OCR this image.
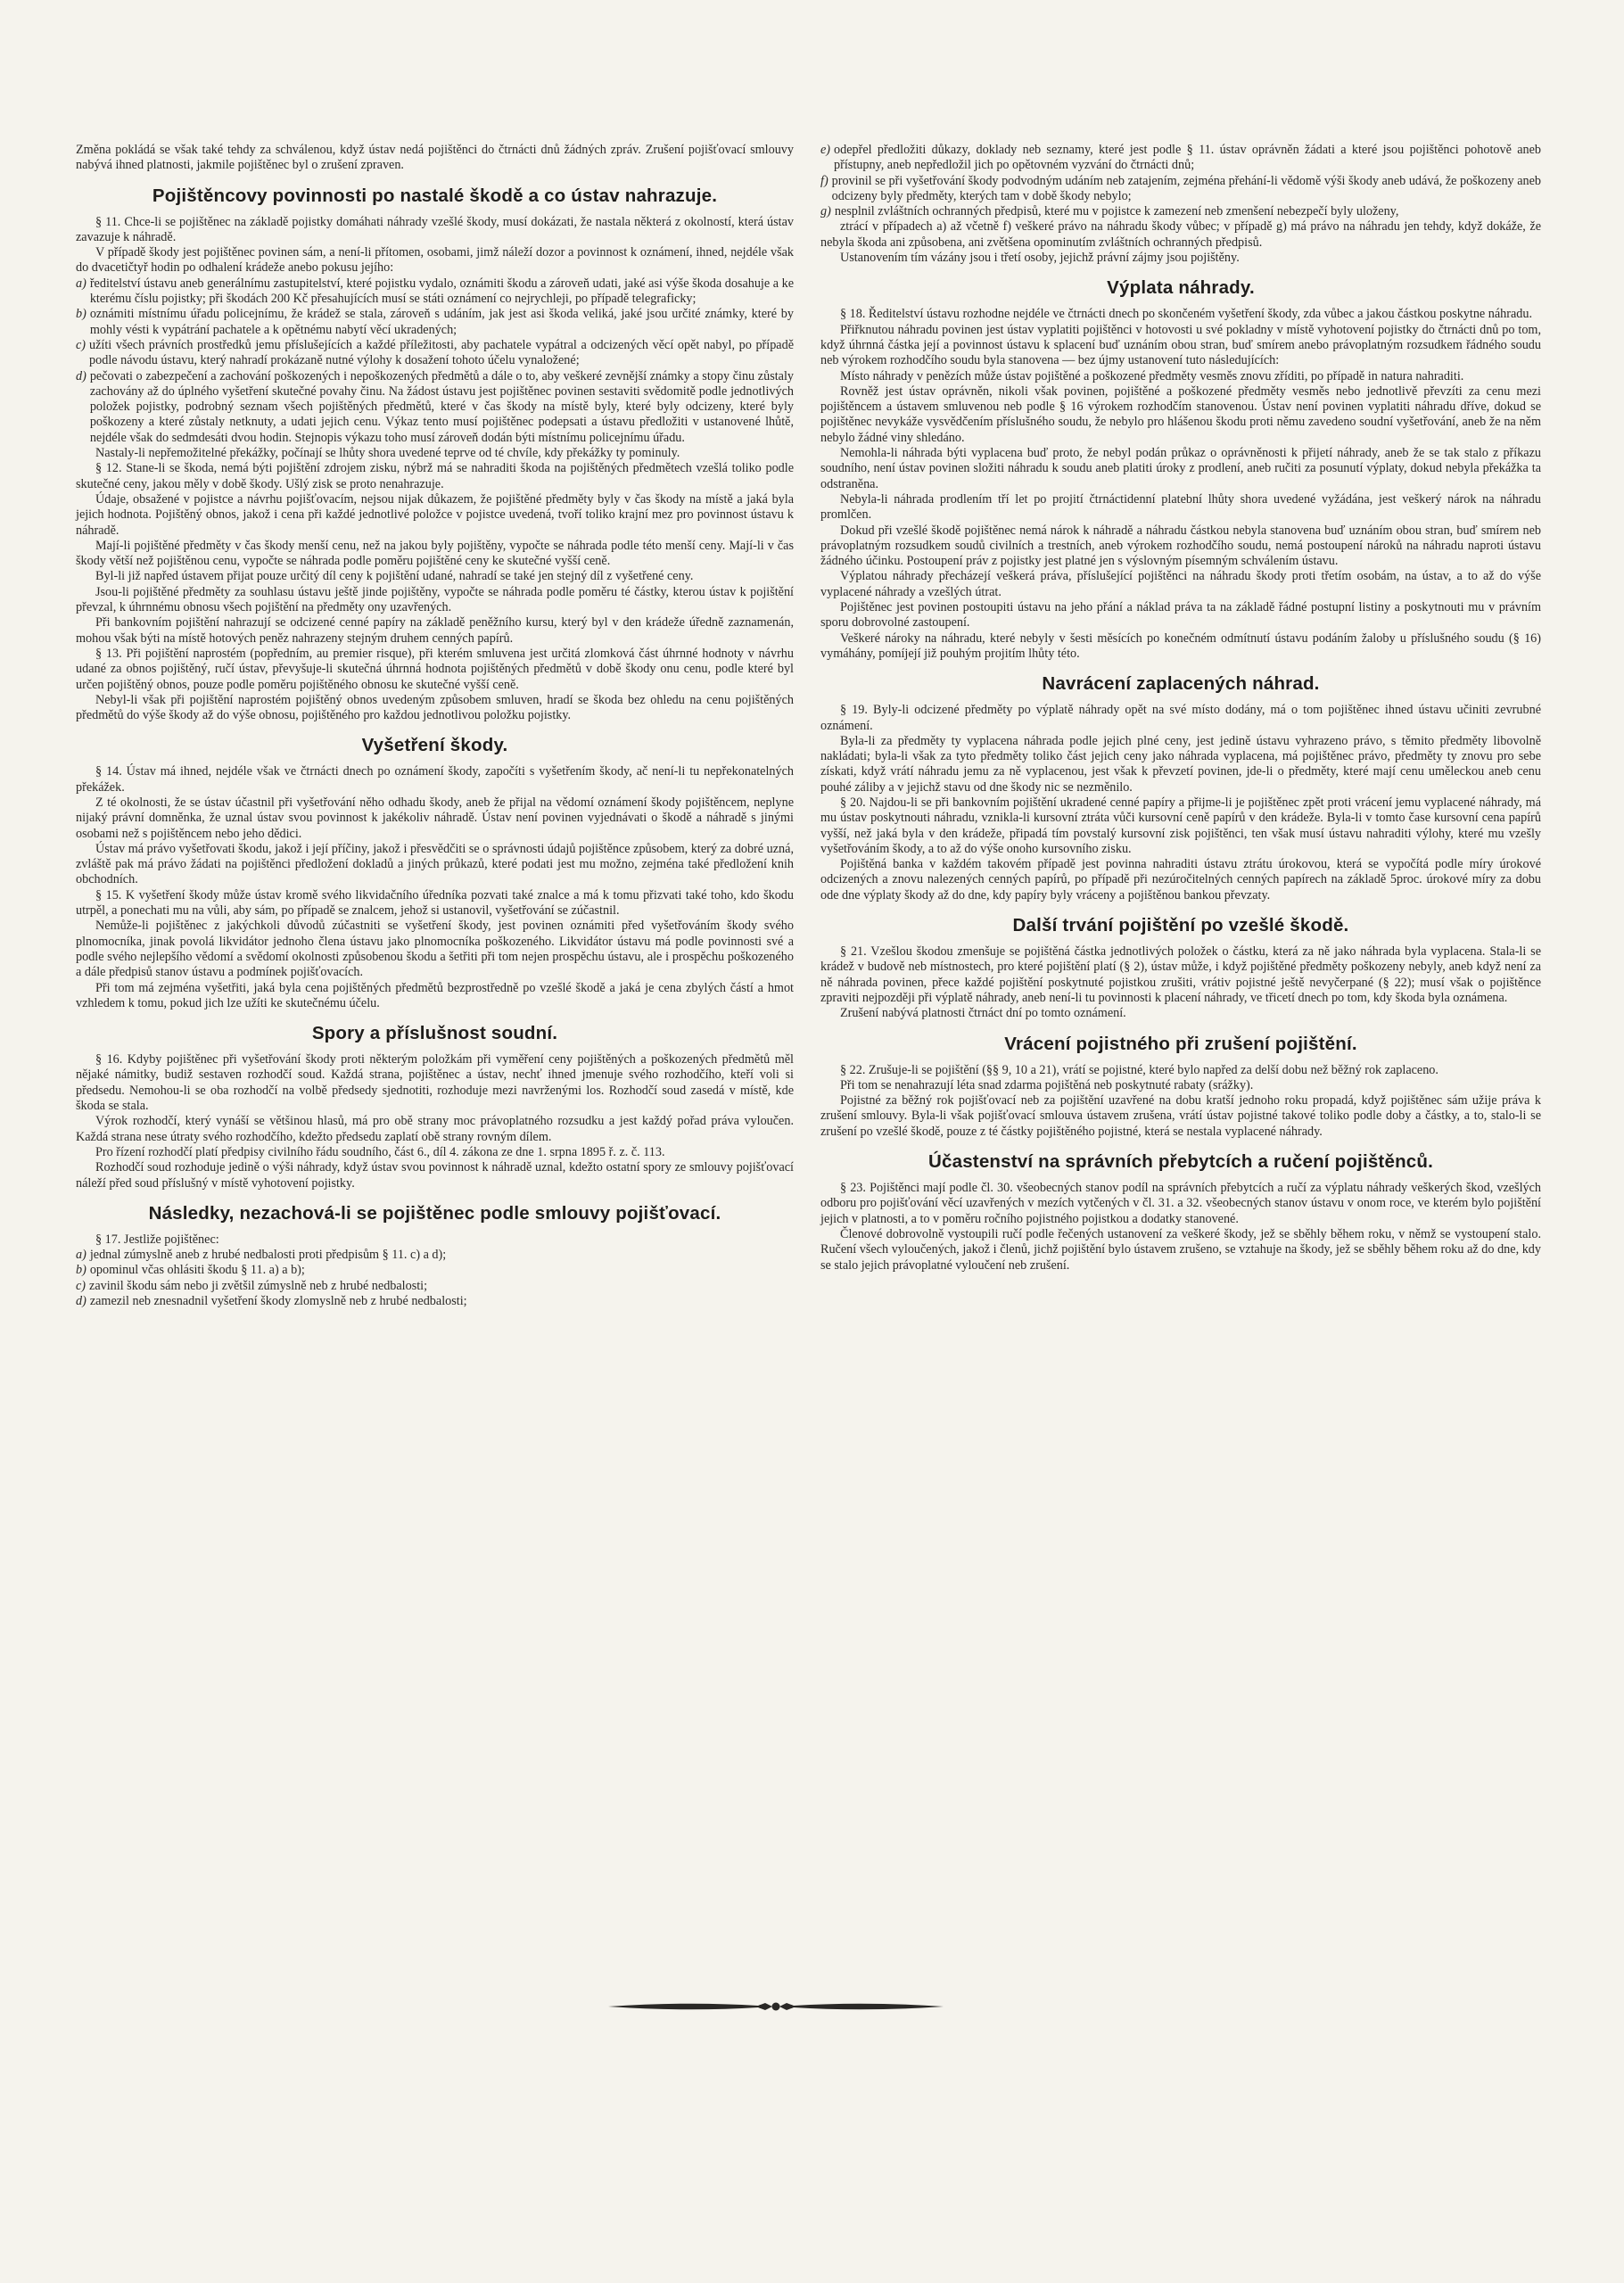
Změna pokládá se však také tehdy za schválenou, když ústav nedá pojištěnci do čtrnácti dnů žádných zpráv. Zrušení pojišťovací smlouvy nabývá ihned platnosti, jakmile pojištěnec byl o zrušení zpraven.

Pojištěncovy povinnosti po nastalé škodě a co ústav nahrazuje.

§ 11. Chce-li se pojištěnec na základě pojistky domáhati náhrady vzešlé škody, musí dokázati, že nastala některá z okolností, která ústav zavazuje k náhradě.

V případě škody jest pojištěnec povinen sám, a není-li přítomen, osobami, jimž náleží dozor a povinnost k oznámení, ihned, nejdéle však do dvacetičtyř hodin po odhalení krádeže anebo pokusu jejího:

a) ředitelství ústavu aneb generálnímu zastupitelství, které pojistku vydalo, oznámiti škodu a zároveň udati, jaké asi výše škoda dosahuje a ke kterému číslu pojistky; při škodách 200 Kč přesahujících musí se státi oznámení co nejrychleji, po případě telegraficky;
b) oznámiti místnímu úřadu policejnímu, že krádež se stala, zároveň s udáním, jak jest asi škoda veliká, jaké jsou určité známky, které by mohly vésti k vypátrání pachatele a k opětnému nabytí věcí ukradených;
c) užíti všech právních prostředků jemu příslušejících a každé příležitosti, aby pachatele vypátral a odcizených věcí opět nabyl, po případě podle návodu ústavu, který nahradí prokázaně nutné výlohy k dosažení tohoto účelu vynaložené;
d) pečovati o zabezpečení a zachování poškozených i nepoškozených předmětů a dále o to, aby veškeré zevnější známky a stopy činu zůstaly zachovány až do úplného vyšetření skutečné povahy činu. Na žádost ústavu jest pojištěnec povinen sestaviti svědomitě podle jednotlivých položek pojistky, podrobný seznam všech pojištěných předmětů, které v čas škody na místě byly, které byly odcizeny, které byly poškozeny a které zůstaly netknuty, a udati jejich cenu. Výkaz tento musí pojištěnec podepsati a ústavu předložiti v ustanovené lhůtě, nejdéle však do sedmdesáti dvou hodin. Stejnopis výkazu toho musí zároveň dodán býti místnímu policejnímu úřadu.

Nastaly-li nepřemožitelné překážky, počínají se lhůty shora uvedené teprve od té chvíle, kdy překážky ty pominuly.

§ 12. Stane-li se škoda, nemá býti pojištění zdrojem zisku, nýbrž má se nahraditi škoda na pojištěných předmětech vzešlá toliko podle skutečné ceny, jakou měly v době škody. Ušlý zisk se proto nenahrazuje.

Údaje, obsažené v pojistce a návrhu pojišťovacím, nejsou nijak důkazem, že pojištěné předměty byly v čas škody na místě a jaká byla jejich hodnota. Pojištěný obnos, jakož i cena při každé jednotlivé položce v pojistce uvedená, tvoří toliko krajní mez pro povinnost ústavu k náhradě.

Mají-li pojištěné předměty v čas škody menší cenu, než na jakou byly pojištěny, vypočte se náhrada podle této menší ceny. Mají-li v čas škody větší než pojištěnou cenu, vypočte se náhrada podle poměru pojištěné ceny ke skutečné vyšší ceně.

Byl-li již napřed ústavem přijat pouze určitý díl ceny k pojištění udané, nahradí se také jen stejný díl z vyšetřené ceny.

Jsou-li pojištěné předměty za souhlasu ústavu ještě jinde pojištěny, vypočte se náhrada podle poměru té částky, kterou ústav k pojištění převzal, k úhrnnému obnosu všech pojištění na předměty ony uzavřených.

Při bankovním pojištění nahrazují se odcizené cenné papíry na základě peněžního kursu, který byl v den krádeže úředně zaznamenán, mohou však býti na místě hotových peněz nahrazeny stejným druhem cenných papírů.

§ 13. Při pojištění naprostém (popředním, au premier risque), při kterém smluvena jest určitá zlomková část úhrnné hodnoty v návrhu udané za obnos pojištěný, ručí ústav, převyšuje-li skutečná úhrnná hodnota pojištěných předmětů v době škody onu cenu, podle které byl určen pojištěný obnos, pouze podle poměru pojištěného obnosu ke skutečné vyšší ceně.

Nebyl-li však při pojištění naprostém pojištěný obnos uvedeným způsobem smluven, hradí se škoda bez ohledu na cenu pojištěných předmětů do výše škody až do výše obnosu, pojištěného pro každou jednotlivou položku pojistky.

Vyšetření škody.

§ 14. Ústav má ihned, nejdéle však ve čtrnácti dnech po oznámení škody, započíti s vyšetřením škody, ač není-li tu nepřekonatelných překážek.

Z té okolnosti, že se ústav účastnil při vyšetřování něho odhadu škody, aneb že přijal na vědomí oznámení škody pojištěncem, neplyne nijaký právní domněnka, že uznal ústav svou povinnost k jakékoliv náhradě. Ústav není povinen vyjednávati o škodě a náhradě s jinými osobami než s pojištěncem nebo jeho dědici.

Ústav má právo vyšetřovati škodu, jakož i její příčiny, jakož i přesvědčiti se o správnosti údajů pojištěnce způsobem, který za dobré uzná, zvláště pak má právo žádati na pojištěnci předložení dokladů a jiných průkazů, které podati jest mu možno, zejména také předložení knih obchodních.

§ 15. K vyšetření škody může ústav kromě svého likvidačního úředníka pozvati také znalce a má k tomu přizvati také toho, kdo škodu utrpěl, a ponechati mu na vůli, aby sám, po případě se znalcem, jehož si ustanovil, vyšetřování se zúčastnil.

Nemůže-li pojištěnec z jakýchkoli důvodů zúčastniti se vyšetření škody, jest povinen oznámiti před vyšetřováním škody svého plnomocníka, jinak povolá likvidátor jednoho člena ústavu jako plnomocníka poškozeného. Likvidátor ústavu má podle povinnosti své a podle svého nejlepšího vědomí a svědomí okolnosti způsobenou škodu a šetřiti při tom nejen prospěchu ústavu, ale i prospěchu poškozeného a dále předpisů stanov ústavu a podmínek pojišťovacích.

Při tom má zejména vyšetřiti, jaká byla cena pojištěných předmětů bezprostředně po vzešlé škodě a jaká je cena zbylých částí a hmot vzhledem k tomu, pokud jich lze užíti ke skutečnému účelu.

Spory a příslušnost soudní.

§ 16. Kdyby pojištěnec při vyšetřování škody proti některým položkám při vyměření ceny pojištěných a poškozených předmětů měl nějaké námitky, budiž sestaven rozhodčí soud. Každá strana, pojištěnec a ústav, nechť ihned jmenuje svého rozhodčího, kteří voli si předsedu. Nemohou-li se oba rozhodčí na volbě předsedy sjednotiti, rozhoduje mezi navrženými los. Rozhodčí soud zasedá v místě, kde škoda se stala.

Výrok rozhodčí, který vynáší se většinou hlasů, má pro obě strany moc právoplatného rozsudku a jest každý pořad práva vyloučen. Každá strana nese útraty svého rozhodčího, kdežto předsedu zaplatí obě strany rovným dílem.

Pro řízení rozhodčí platí předpisy civilního řádu soudního, část 6., díl 4. zákona ze dne 1. srpna 1895 ř. z. č. 113.

Rozhodčí soud rozhoduje jedině o výši náhrady, když ústav svou povinnost k náhradě uznal, kdežto ostatní spory ze smlouvy pojišťovací náleží před soud příslušný v místě vyhotovení pojistky.

Následky, nezachová-li se pojištěnec podle smlouvy pojišťovací.

§ 17. Jestliže pojištěnec:

a) jednal zúmyslně aneb z hrubé nedbalosti proti předpisům § 11. c) a d);
b) opominul včas ohlásiti škodu § 11. a) a b);
c) zavinil škodu sám nebo ji zvětšil zúmyslně neb z hrubé nedbalosti;
d) zamezil neb znesnadnil vyšetření škody zlomyslně neb z hrubé nedbalosti;
e) odepřel předložiti důkazy, doklady neb seznamy, které jest podle § 11. ústav oprávněn žádati a které jsou pojištěnci pohotově aneb přístupny, aneb nepředložil jich po opětovném vyzvání do čtrnácti dnů;
f) provinil se při vyšetřování škody podvodným udáním neb zatajením, zejména přehání-li vědomě výši škody aneb udává, že poškozeny aneb odcizeny byly předměty, kterých tam v době škody nebylo;
g) nesplnil zvláštních ochranných předpisů, které mu v pojistce k zamezení neb zmenšení nebezpečí byly uloženy,

ztrácí v případech a) až včetně f) veškeré právo na náhradu škody vůbec; v případě g) má právo na náhradu jen tehdy, když dokáže, že nebyla škoda ani způsobena, ani zvětšena opominutím zvláštních ochranných předpisů.

Ustanovením tím vázány jsou i třetí osoby, jejichž právní zájmy jsou pojištěny.

Výplata náhrady.

§ 18. Ředitelství ústavu rozhodne nejdéle ve čtrnácti dnech po skončeném vyšetření škody, zda vůbec a jakou částkou poskytne náhradu.

Přiřknutou náhradu povinen jest ústav vyplatiti pojištěnci v hotovosti u své pokladny v místě vyhotovení pojistky do čtrnácti dnů po tom, když úhrnná částka její a povinnost ústavu k splacení buď uznáním obou stran, buď smírem anebo právoplatným rozsudkem řádného soudu neb výrokem rozhodčího soudu byla stanovena — bez újmy ustanovení tuto následujících:

Místo náhrady v penězích může ústav pojištěné a poškozené předměty vesměs znovu zříditi, po případě in natura nahraditi.

Rovněž jest ústav oprávněn, nikoli však povinen, pojištěné a poškozené předměty vesměs nebo jednotlivě převzíti za cenu mezi pojištěncem a ústavem smluvenou neb podle § 16 výrokem rozhodčím stanovenou. Ústav není povinen vyplatiti náhradu dříve, dokud se pojištěnec nevykáže vysvědčením příslušného soudu, že nebylo pro hlášenou škodu proti němu zavedeno soudní vyšetřování, aneb že na něm nebylo žádné viny shledáno.

Nemohla-li náhrada býti vyplacena buď proto, že nebyl podán průkaz o oprávněnosti k přijetí náhrady, aneb že se tak stalo z příkazu soudního, není ústav povinen složiti náhradu k soudu aneb platiti úroky z prodlení, aneb ručiti za posunutí výplaty, dokud nebyla překážka ta odstraněna.

Nebyla-li náhrada prodlením tří let po projití čtrnáctidenní platební lhůty shora uvedené vyžádána, jest veškerý nárok na náhradu promlčen.

Dokud při vzešlé škodě pojištěnec nemá nárok k náhradě a náhradu částkou nebyla stanovena buď uznáním obou stran, buď smírem neb právoplatným rozsudkem soudů civilních a trestních, aneb výrokem rozhodčího soudu, nemá postoupení nároků na náhradu naproti ústavu žádného účinku. Postoupení práv z pojistky jest platné jen s výslovným písemným schválením ústavu.

Výplatou náhrady přecházejí veškerá práva, příslušející pojištěnci na náhradu škody proti třetím osobám, na ústav, a to až do výše vyplacené náhrady a vzešlých útrat.

Pojištěnec jest povinen postoupiti ústavu na jeho přání a náklad práva ta na základě řádné postupní listiny a poskytnouti mu v právním sporu dobrovolné zastoupení.

Veškeré nároky na náhradu, které nebyly v šesti měsících po konečném odmítnutí ústavu podáním žaloby u příslušného soudu (§ 16) vymáhány, pomíjejí již pouhým projitím lhůty této.

Navrácení zaplacených náhrad.

§ 19. Byly-li odcizené předměty po výplatě náhrady opět na své místo dodány, má o tom pojištěnec ihned ústavu učiniti zevrubné oznámení.

Byla-li za předměty ty vyplacena náhrada podle jejich plné ceny, jest jedině ústavu vyhrazeno právo, s těmito předměty libovolně nakládati; byla-li však za tyto předměty toliko část jejich ceny jako náhrada vyplacena, má pojištěnec právo, předměty ty znovu pro sebe získati, když vrátí náhradu jemu za ně vyplacenou, jest však k převzetí povinen, jde-li o předměty, které mají cenu uměleckou aneb cenu pouhé záliby a v jejichž stavu od dne škody nic se nezměnilo.

§ 20. Najdou-li se při bankovním pojištění ukradené cenné papíry a přijme-li je pojištěnec zpět proti vrácení jemu vyplacené náhrady, má mu ústav poskytnouti náhradu, vznikla-li kursovní ztráta vůči kursovní ceně papírů v den krádeže. Byla-li v tomto čase kursovní cena papírů vyšší, než jaká byla v den krádeže, připadá tím povstalý kursovní zisk pojištěnci, ten však musí ústavu nahraditi výlohy, které mu vzešly vyšetřováním škody, a to až do výše onoho kursovního zisku.

Pojištěná banka v každém takovém případě jest povinna nahraditi ústavu ztrátu úrokovou, která se vypočítá podle míry úrokové odcizených a znovu nalezených cenných papírů, po případě při nezúročitelných cenných papírech na základě 5proc. úrokové míry za dobu ode dne výplaty škody až do dne, kdy papíry byly vráceny a pojištěnou bankou převzaty.

Další trvání pojištění po vzešlé škodě.

§ 21. Vzešlou škodou zmenšuje se pojištěná částka jednotlivých položek o částku, která za ně jako náhrada byla vyplacena. Stala-li se krádež v budově neb místnostech, pro které pojištění platí (§ 2), ústav může, i když pojištěné předměty poškozeny nebyly, aneb když není za ně náhrada povinen, přece každé pojištění poskytnuté pojistkou zrušiti, vrátiv pojistné ještě nevyčerpané (§ 22); musí však o pojištěnce zpraviti nejpozději při výplatě náhrady, aneb není-li tu povinnosti k placení náhrady, ve třicetí dnech po tom, kdy škoda byla oznámena.

Zrušení nabývá platnosti čtrnáct dní po tomto oznámení.

Vrácení pojistného při zrušení pojištění.

§ 22. Zrušuje-li se pojištění (§§ 9, 10 a 21), vrátí se pojistné, které bylo napřed za delší dobu než běžný rok zaplaceno.

Při tom se nenahrazují léta snad zdarma pojištěná neb poskytnuté rabaty (srážky).

Pojistné za běžný rok pojišťovací neb za pojištění uzavřené na dobu kratší jednoho roku propadá, když pojištěnec sám užije práva k zrušení smlouvy. Byla-li však pojišťovací smlouva ústavem zrušena, vrátí ústav pojistné takové toliko podle doby a částky, a to, stalo-li se zrušení po vzešlé škodě, pouze z té částky pojištěného pojistné, která se nestala vyplacené náhrady.

Účastenství na správních přebytcích a ručení pojištěnců.

§ 23. Pojištěnci mají podle čl. 30. všeobecných stanov podíl na správních přebytcích a ručí za výplatu náhrady veškerých škod, vzešlých odboru pro pojišťování věcí uzavřených v mezích vytčených v čl. 31. a 32. všeobecných stanov ústavu v onom roce, ve kterém bylo pojištění jejich v platnosti, a to v poměru ročního pojistného pojistkou a dodatky stanovené.

Členové dobrovolně vystoupili ručí podle řečených ustanovení za veškeré škody, jež se sběhly během roku, v němž se vystoupení stalo. Ručení všech vyloučených, jakož i členů, jichž pojištění bylo ústavem zrušeno, se vztahuje na škody, jež se sběhly během roku až do dne, kdy se stalo jejich právoplatné vyloučení neb zrušení.
